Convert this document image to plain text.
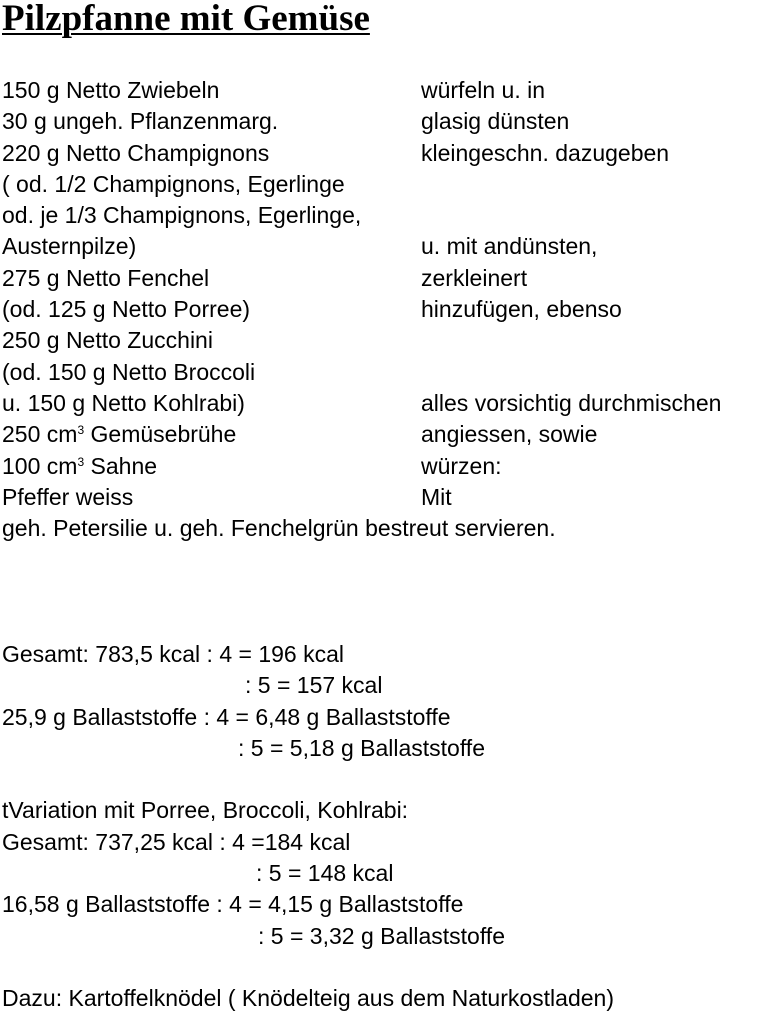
Pilzpfanne mit Gemüse
150 g Netto Zwiebeln	würfeln u. in
30 g ungeh. Pflanzenmarg.	glasig dünsten
220 g Netto Champignons	kleingeschn. dazugeben
( od. 1/2 Champignons, Egerlinge
od. je 1/3 Champignons, Egerlinge,
Austernpilze)	u. mit andünsten,
275 g Netto Fenchel	zerkleinert
(od. 125 g Netto Porree)	hinzufügen, ebenso
250 g Netto Zucchini
(od. 150 g Netto Broccoli
u. 150 g Netto Kohlrabi)	alles vorsichtig durchmischen
250 $cm^3$ Gemüsebrühe	angiessen, sowie
100 $cm^3$ Sahne	würzen:
Pfeffer weiss	Mit
geh. Petersilie u. geh. Fenchelgrün bestreut servieren.
Gesamt: 783,5 kcal : 4 = 196 kcal
: 5 = 157 kcal
25,9 g Ballaststoffe : 4 = 6,48 g Ballaststoffe
: 5 = 5,18 g Ballaststoffe
tVariation mit Porree, Broccoli, Kohlrabi:
Gesamt: 737,25 kcal : 4 =184 kcal
: 5 = 148 kcal
16,58 g Ballaststoffe : 4 = 4,15 g Ballaststoffe
: 5 = 3,32 g Ballaststoffe
Dazu: Kartoffelknödel ( Knödelteig aus dem Naturkostladen)
